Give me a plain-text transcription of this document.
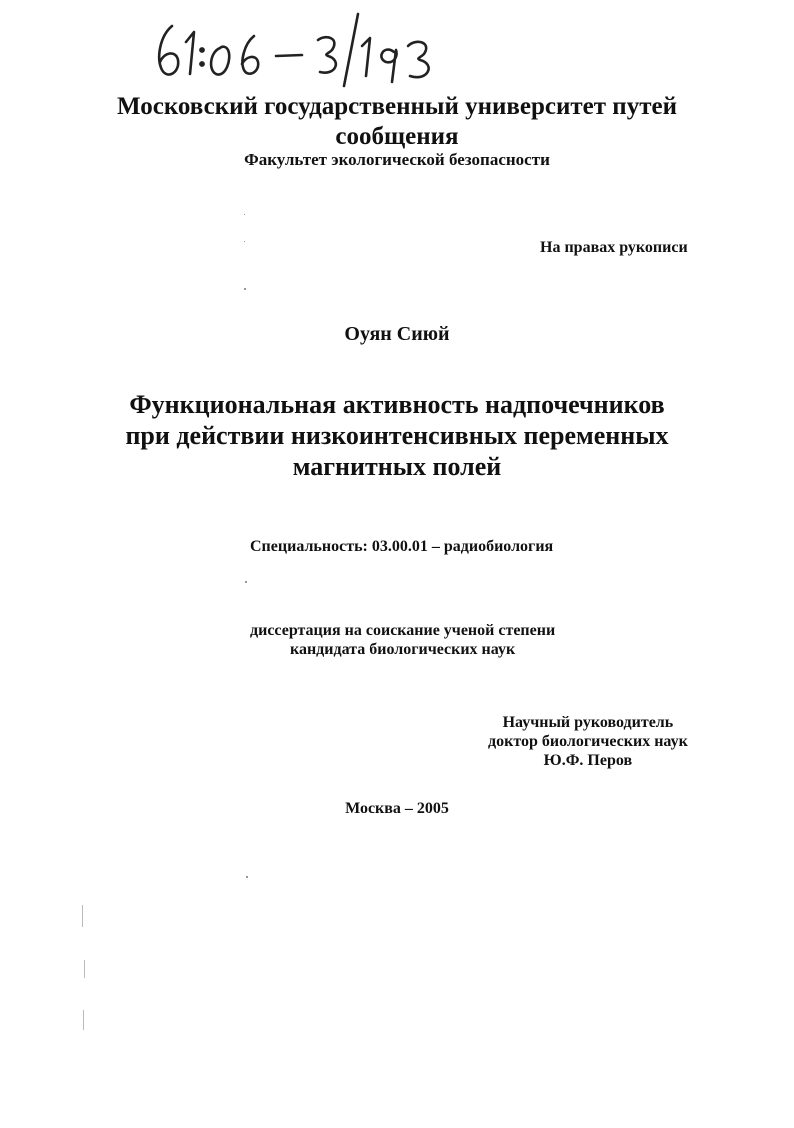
Московский государственный университет путей
сообщения
Факультет экологической безопасности
На правах рукописи
Оуян Сиюй
Функциональная активность надпочечников
при действии низкоинтенсивных переменных
магнитных полей
Специальность: 03.00.01 – радиобиология
диссертация на соискание ученой степени
кандидата биологических наук
Научный руководитель
доктор биологических наук
Ю.Ф. Перов
Москва – 2005
